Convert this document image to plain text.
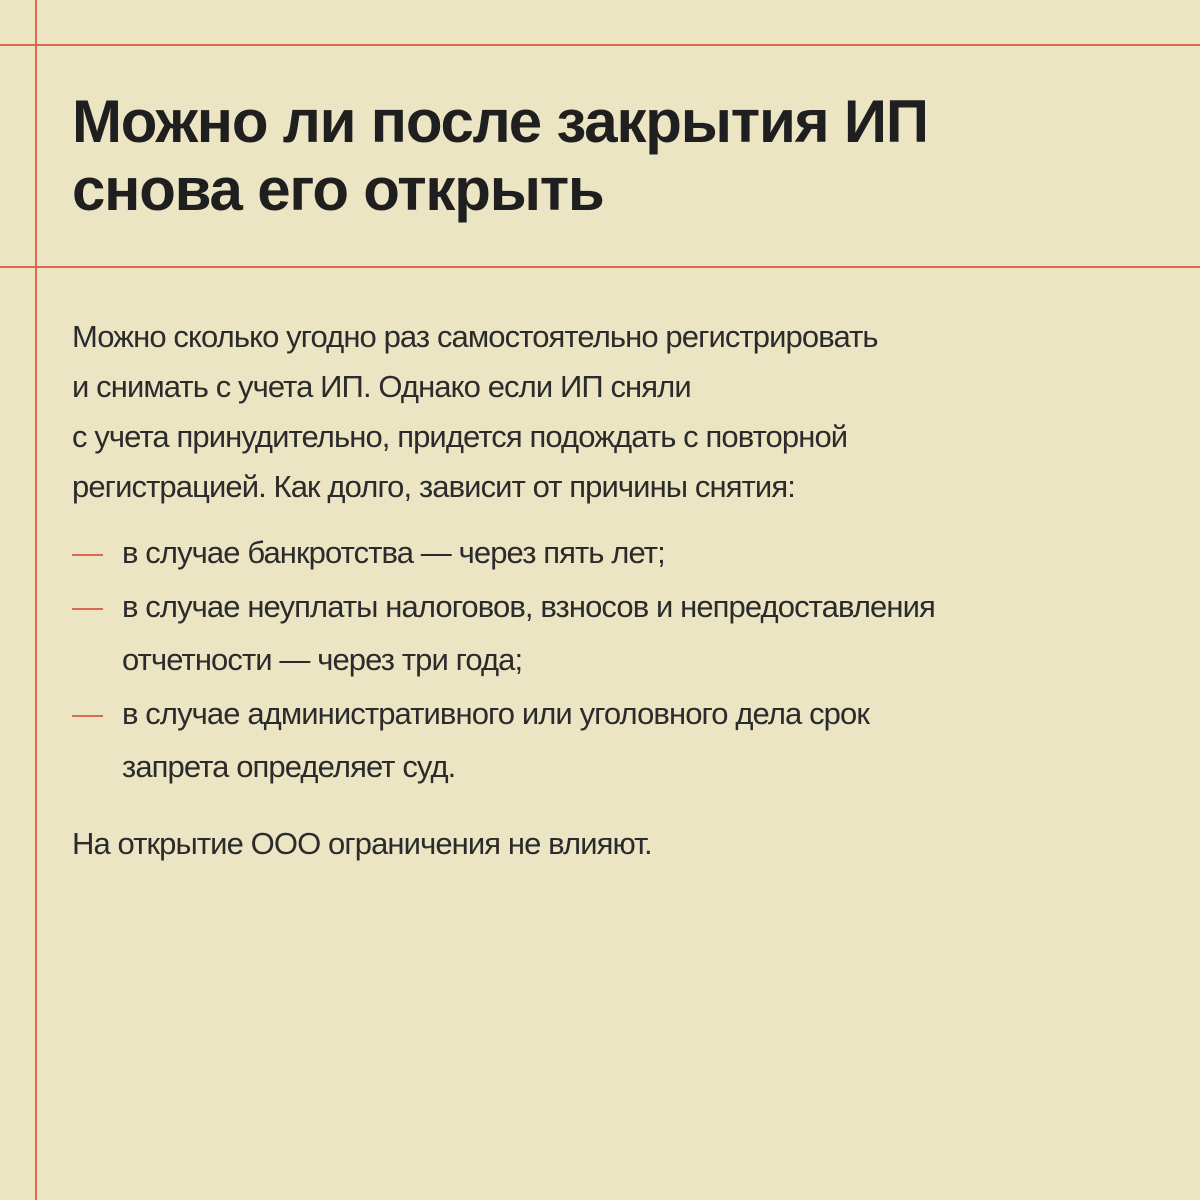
Можно ли после закрытия ИП
снова его открыть

Можно сколько угодно раз самостоятельно регистрировать
и снимать с учета ИП. Однако если ИП сняли
с учета принудительно, придется подождать с повторной
регистрацией. Как долго, зависит от причины снятия:

— в случае банкротства — через пять лет;
— в случае неуплаты налоговов, взносов и непредоставления
отчетности — через три года;
— в случае административного или уголовного дела срок
запрета определяет суд.

На открытие ООО ограничения не влияют.
